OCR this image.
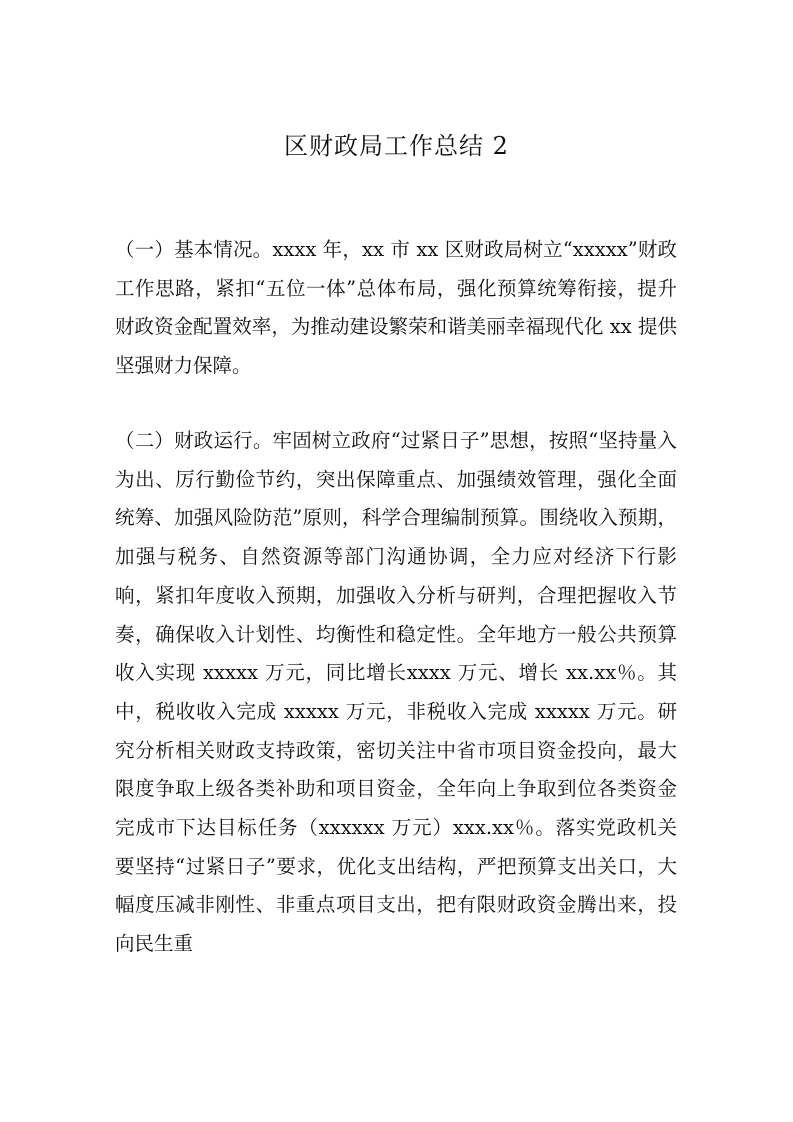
区财政局工作总结 2

（一）基本情况。xxxx 年，xx 市 xx 区财政局树立“xxxxx”财政工作思路，紧扣“五位一体”总体布局，强化预算统筹衔接，提升财政资金配置效率，为推动建设繁荣和谐美丽幸福现代化 xx 提供坚强财力保障。

（二）财政运行。牢固树立政府“过紧日子”思想，按照“坚持量入为出、厉行勤俭节约，突出保障重点、加强绩效管理，强化全面统筹、加强风险防范”原则，科学合理编制预算。围绕收入预期，加强与税务、自然资源等部门沟通协调，全力应对经济下行影响，紧扣年度收入预期，加强收入分析与研判，合理把握收入节奏，确保收入计划性、均衡性和稳定性。全年地方一般公共预算收入实现 xxxxx 万元，同比增长xxxx 万元、增长 xx.xx％。其中，税收收入完成 xxxxx 万元，非税收入完成 xxxxx 万元。研究分析相关财政支持政策，密切关注中省市项目资金投向，最大限度争取上级各类补助和项目资金，全年向上争取到位各类资金完成市下达目标任务（xxxxxx 万元）xxx.xx％。落实党政机关要坚持“过紧日子”要求，优化支出结构，严把预算支出关口，大幅度压减非刚性、非重点项目支出，把有限财政资金腾出来，投向民生重
